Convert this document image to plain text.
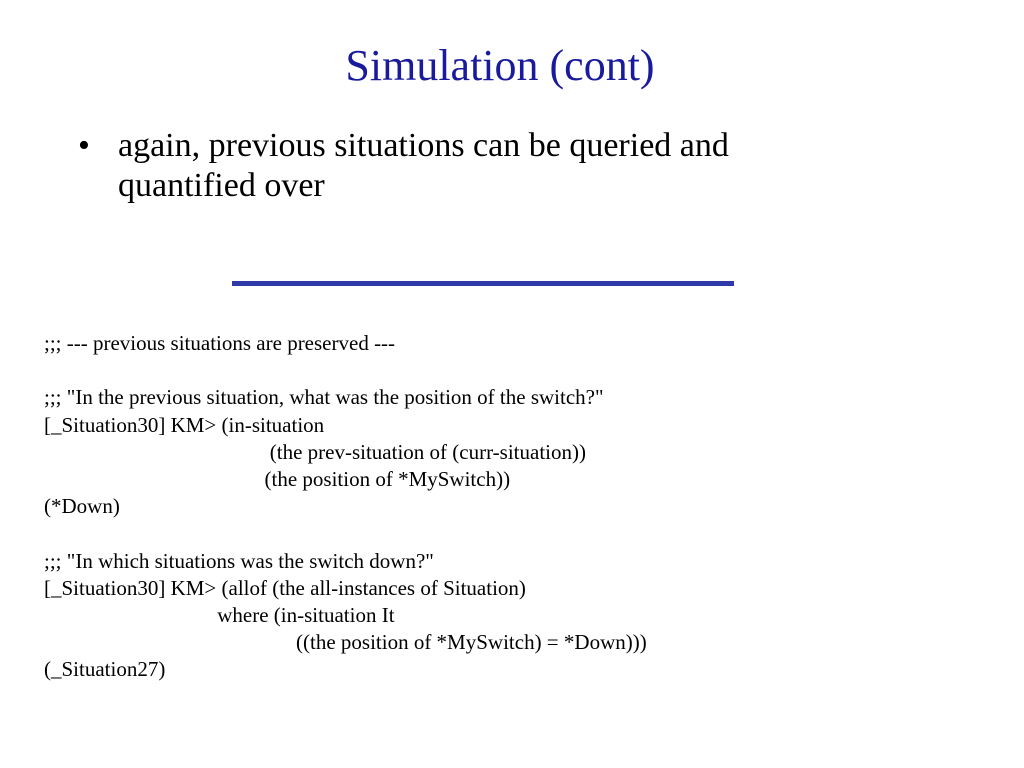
Simulation (cont)
• again, previous situations can be queried and
quantified over
;;; --- previous situations are preserved ---
;;; "In the previous situation, what was the position of the switch?"
[_Situation30] KM> (in-situation
(the prev-situation of (curr-situation))
(the position of *MySwitch))
(*Down)
;;; "In which situations was the switch down?"
[_Situation30] KM> (allof (the all-instances of Situation)
where (in-situation It
((the position of *MySwitch) = *Down)))
(_Situation27)
